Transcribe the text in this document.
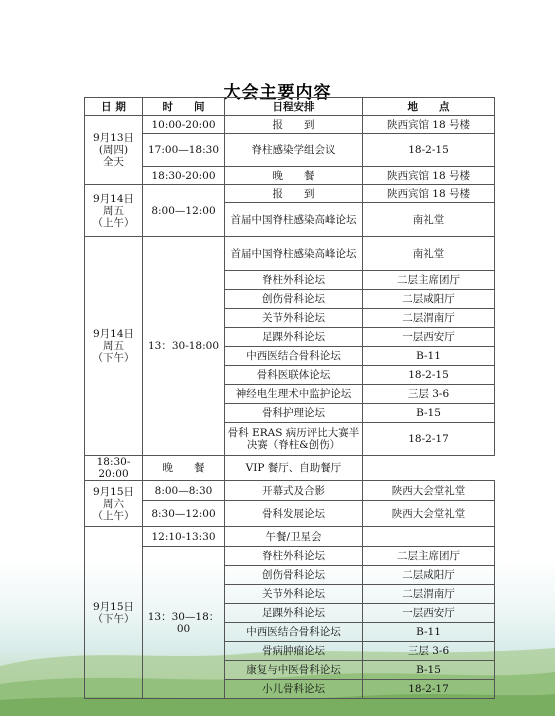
大会主要内容
日 期	时　　间	日程安排	地　　点
9月13日
(周四)
全天	10:00-20:00	报　　到	陕西宾馆 18 号楼
	17:00—18:30	脊柱感染学组会议	18-2-15
	18:30-20:00	晚　　餐	陕西宾馆 18 号楼
9月14日
周五
（上午）	8:00—12:00	报　　到	陕西宾馆 18 号楼
		首届中国脊柱感染高峰论坛	南礼堂
9月14日
周五
（下午）	13：30-18:00	首届中国脊柱感染高峰论坛	南礼堂
		脊柱外科论坛	二层主席团厅
		创伤骨科论坛	二层咸阳厅
		关节外科论坛	二层渭南厅
		足踝外科论坛	一层西安厅
		中西医结合骨科论坛	B-11
		骨科医联体论坛	18-2-15
		神经电生理术中监护论坛	三层 3-6
		骨科护理论坛	B-15
		骨科 ERAS 病历评比大赛半决赛（脊柱&创伤）	18-2-17
18:30-20:00	晚　　餐	VIP 餐厅、自助餐厅	
9月15日
周六
（上午）	8:00—8:30	开幕式及合影	陕西大会堂礼堂
	8:30—12:00	骨科发展论坛	陕西大会堂礼堂
9月15日
（下午）	12:10-13:30	午餐/卫星会	
	13：30—18：00	脊柱外科论坛	二层主席团厅
		创伤骨科论坛	二层咸阳厅
		关节外科论坛	二层渭南厅
		足踝外科论坛	一层西安厅
		中西医结合骨科论坛	B-11
		骨病肿瘤论坛	三层 3-6
		康复与中医骨科论坛	B-15
		小儿骨科论坛	18-2-17
